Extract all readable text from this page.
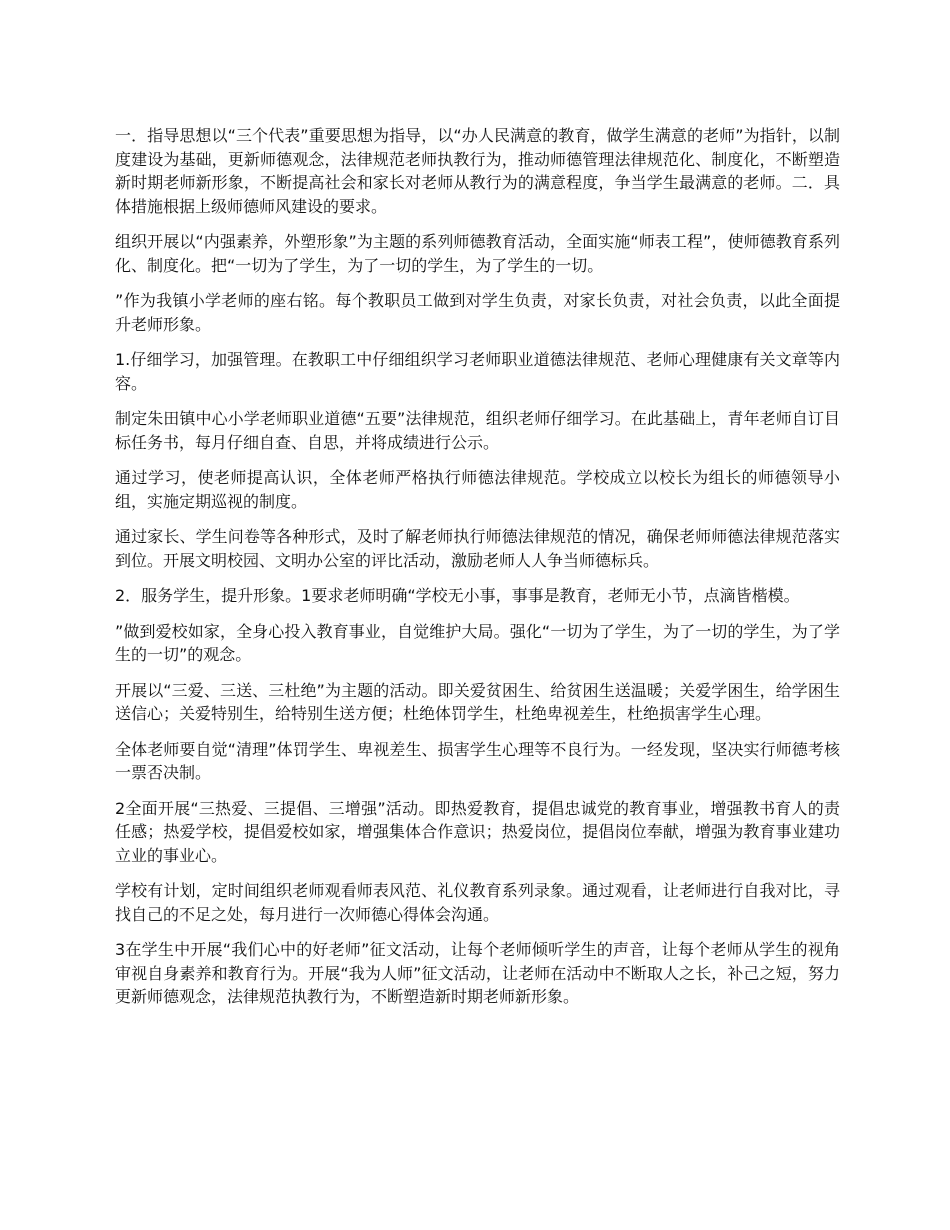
一．指导思想以“三个代表”重要思想为指导，以“办人民满意的教育，做学生满意的老师”为指针，以制度建设为基础，更新师德观念，法律规范老师执教行为，推动师德管理法律规范化、制度化，不断塑造新时期老师新形象，不断提高社会和家长对老师从教行为的满意程度，争当学生最满意的老师。二．具体措施根据上级师德师风建设的要求。

组织开展以“内强素养，外塑形象”为主题的系列师德教育活动，全面实施“师表工程”，使师德教育系列化、制度化。把“一切为了学生，为了一切的学生，为了学生的一切。

”作为我镇小学老师的座右铭。每个教职员工做到对学生负责，对家长负责，对社会负责，以此全面提升老师形象。

1.仔细学习，加强管理。在教职工中仔细组织学习老师职业道德法律规范、老师心理健康有关文章等内容。

制定朱田镇中心小学老师职业道德“五要”法律规范，组织老师仔细学习。在此基础上，青年老师自订目标任务书，每月仔细自查、自思，并将成绩进行公示。

通过学习，使老师提高认识，全体老师严格执行师德法律规范。学校成立以校长为组长的师德领导小组，实施定期巡视的制度。

通过家长、学生问卷等各种形式，及时了解老师执行师德法律规范的情况，确保老师师德法律规范落实到位。开展文明校园、文明办公室的评比活动，激励老师人人争当师德标兵。

2．服务学生，提升形象。1要求老师明确“学校无小事，事事是教育，老师无小节，点滴皆楷模。

”做到爱校如家，全身心投入教育事业，自觉维护大局。强化“一切为了学生，为了一切的学生，为了学生的一切”的观念。

开展以“三爱、三送、三杜绝”为主题的活动。即关爱贫困生、给贫困生送温暖；关爱学困生，给学困生送信心；关爱特别生，给特别生送方便；杜绝体罚学生，杜绝卑视差生，杜绝损害学生心理。

全体老师要自觉“清理”体罚学生、卑视差生、损害学生心理等不良行为。一经发现，坚决实行师德考核一票否决制。

2全面开展“三热爱、三提倡、三增强”活动。即热爱教育，提倡忠诚党的教育事业，增强教书育人的责任感；热爱学校，提倡爱校如家，增强集体合作意识；热爱岗位，提倡岗位奉献，增强为教育事业建功立业的事业心。

学校有计划，定时间组织老师观看师表风范、礼仪教育系列录象。通过观看，让老师进行自我对比，寻找自己的不足之处，每月进行一次师德心得体会沟通。

3在学生中开展“我们心中的好老师”征文活动，让每个老师倾听学生的声音，让每个老师从学生的视角审视自身素养和教育行为。开展“我为人师”征文活动，让老师在活动中不断取人之长，补己之短，努力更新师德观念，法律规范执教行为，不断塑造新时期老师新形象。
